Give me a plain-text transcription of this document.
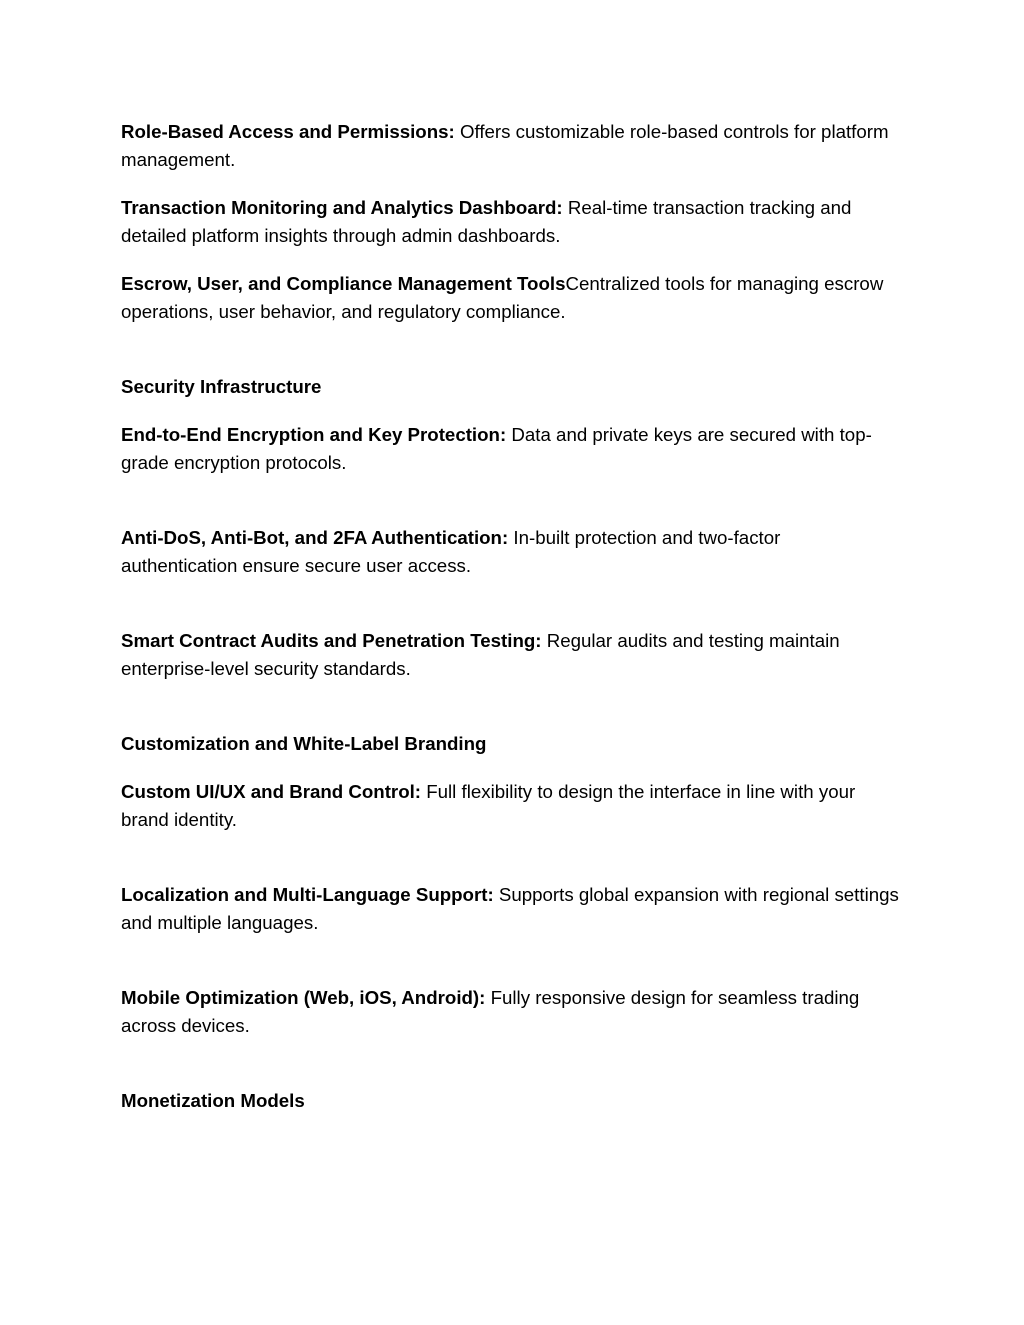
Role-Based Access and Permissions: Offers customizable role-based controls for platform management.

Transaction Monitoring and Analytics Dashboard: Real-time transaction tracking and detailed platform insights through admin dashboards.

Escrow, User, and Compliance Management ToolsCentralized tools for managing escrow operations, user behavior, and regulatory compliance.

Security Infrastructure

End-to-End Encryption and Key Protection: Data and private keys are secured with top-grade encryption protocols.

Anti-DoS, Anti-Bot, and 2FA Authentication: In-built protection and two-factor authentication ensure secure user access.

Smart Contract Audits and Penetration Testing: Regular audits and testing maintain enterprise-level security standards.

Customization and White-Label Branding

Custom UI/UX and Brand Control: Full flexibility to design the interface in line with your brand identity.

Localization and Multi-Language Support: Supports global expansion with regional settings and multiple languages.

Mobile Optimization (Web, iOS, Android): Fully responsive design for seamless trading across devices.

Monetization Models
